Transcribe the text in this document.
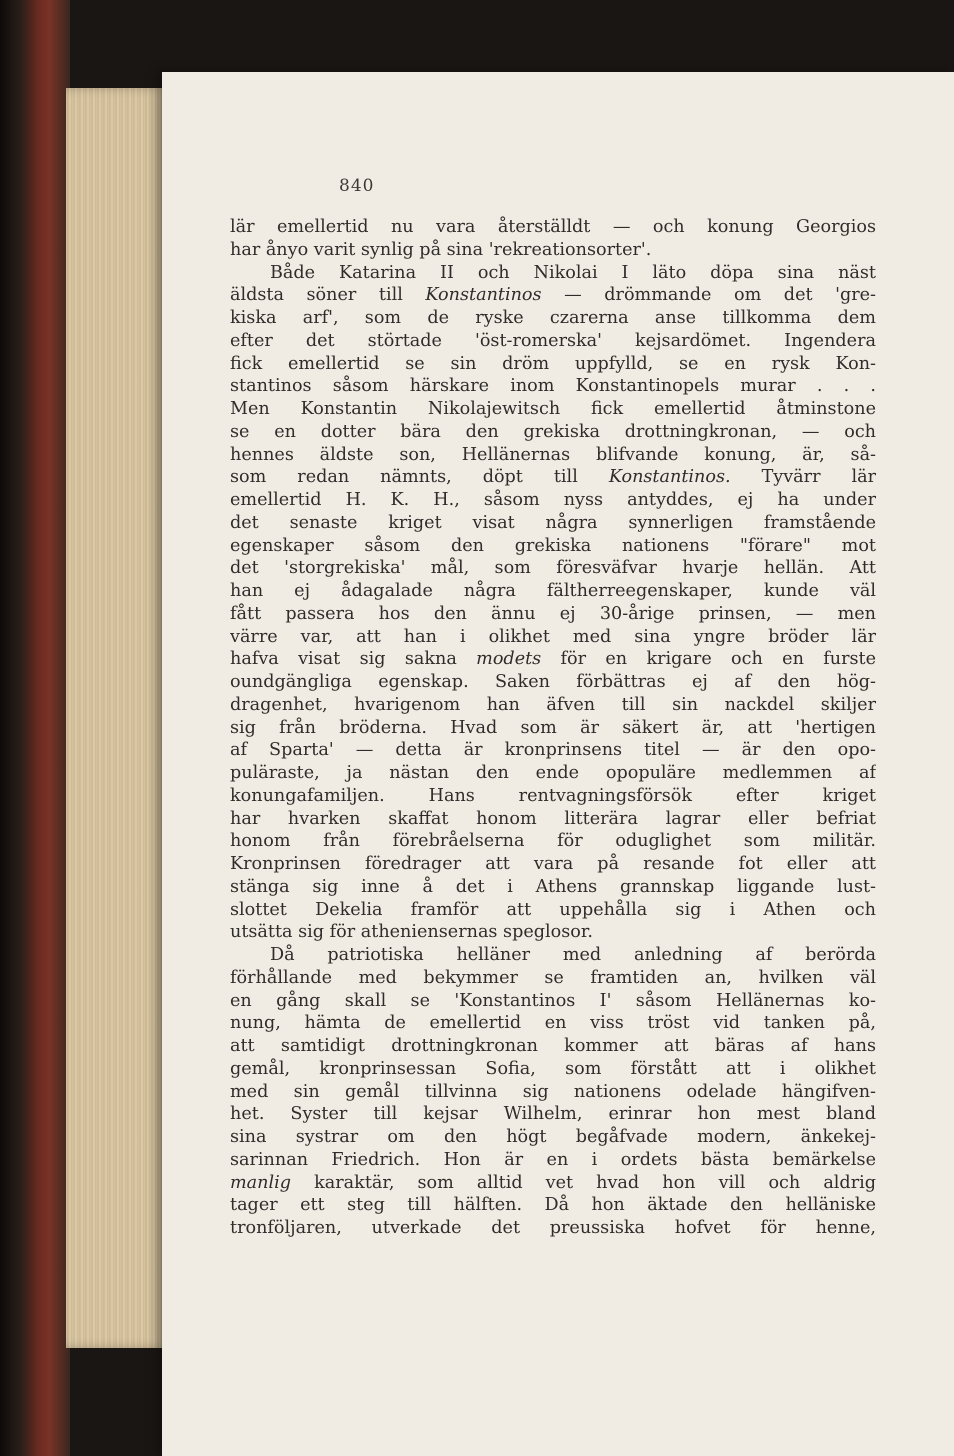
840
lär emellertid nu vara återställdt — och konung Georgios
har ånyo varit synlig på sina 'rekreationsorter'.
Både Katarina II och Nikolai I läto döpa sina näst
äldsta söner till Konstantinos — drömmande om det 'gre-
kiska arf', som de ryske czarerna anse tillkomma dem
efter det störtade 'öst-romerska' kejsardömet. Ingendera
fick emellertid se sin dröm uppfylld, se en rysk Kon-
stantinos såsom härskare inom Konstantinopels murar . . .
Men Konstantin Nikolajewitsch fick emellertid åtminstone
se en dotter bära den grekiska drottningkronan, — och
hennes äldste son, Hellänernas blifvande konung, är, så-
som redan nämnts, döpt till Konstantinos. Tyvärr lär
emellertid H. K. H., såsom nyss antyddes, ej ha under
det senaste kriget visat några synnerligen framstående
egenskaper såsom den grekiska nationens "förare" mot
det 'storgrekiska' mål, som föresväfvar hvarje hellän. Att
han ej ådagalade några fältherreegenskaper, kunde väl
fått passera hos den ännu ej 30-årige prinsen, — men
värre var, att han i olikhet med sina yngre bröder lär
hafva visat sig sakna modets för en krigare och en furste
oundgängliga egenskap. Saken förbättras ej af den hög-
dragenhet, hvarigenom han äfven till sin nackdel skiljer
sig från bröderna. Hvad som är säkert är, att 'hertigen
af Sparta' — detta är kronprinsens titel — är den opo-
puläraste, ja nästan den ende opopuläre medlemmen af
konungafamiljen. Hans rentvagningsförsök efter kriget
har hvarken skaffat honom litterära lagrar eller befriat
honom från förebråelserna för oduglighet som militär.
Kronprinsen föredrager att vara på resande fot eller att
stänga sig inne å det i Athens grannskap liggande lust-
slottet Dekelia framför att uppehålla sig i Athen och
utsätta sig för atheniensernas speglosor.
Då patriotiska helläner med anledning af berörda
förhållande med bekymmer se framtiden an, hvilken väl
en gång skall se 'Konstantinos I' såsom Hellänernas ko-
nung, hämta de emellertid en viss tröst vid tanken på,
att samtidigt drottningkronan kommer att bäras af hans
gemål, kronprinsessan Sofia, som förstått att i olikhet
med sin gemål tillvinna sig nationens odelade hängifven-
het. Syster till kejsar Wilhelm, erinrar hon mest bland
sina systrar om den högt begåfvade modern, änkekej-
sarinnan Friedrich. Hon är en i ordets bästa bemärkelse
manlig karaktär, som alltid vet hvad hon vill och aldrig
tager ett steg till hälften. Då hon äktade den helläniske
tronföljaren, utverkade det preussiska hofvet för henne,
